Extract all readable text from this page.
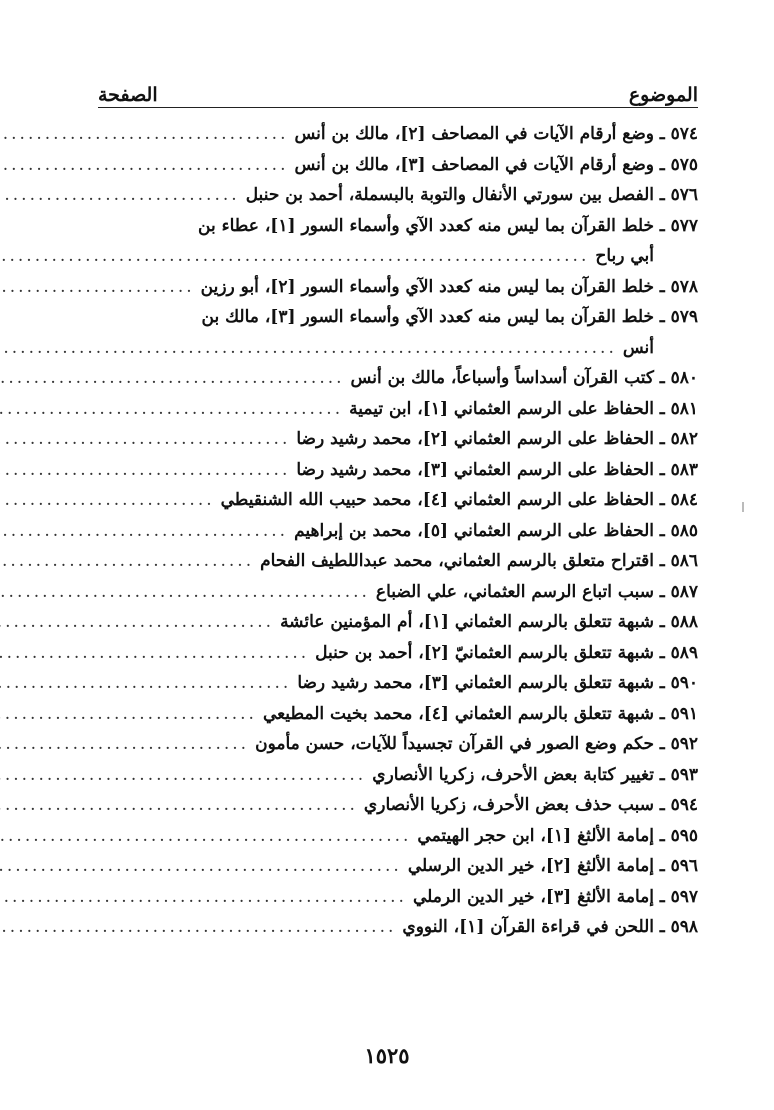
الموضوع
الصفحة
٥٧٤ ـ
وضع أرقام الآيات في المصاحف [٢]، مالك بن أنس
.....
٥٧٥ ـ
وضع أرقام الآيات في المصاحف [٣]، مالك بن أنس
.....
٥٧٦ ـ
الفصل بين سورتي الأنفال والتوبة بالبسملة، أحمد بن حنبل
.....
٥٧٧ ـ
خلط القرآن بما ليس منه كعدد الآي وأسماء السور [١]، عطاء بن
أبي رباح
.....
٥٧٨ ـ
خلط القرآن بما ليس منه كعدد الآي وأسماء السور [٢]، أبو رزين
.....
٥٧٩ ـ
خلط القرآن بما ليس منه كعدد الآي وأسماء السور [٣]، مالك بن
أنس
.....
٥٨٠ ـ
كتب القرآن أسداساً وأسباعاً، مالك بن أنس
.....
٥٨١ ـ
الحفاظ على الرسم العثماني [١]، ابن تيمية
.....
٥٨٢ ـ
الحفاظ على الرسم العثماني [٢]، محمد رشيد رضا
.....
٥٨٣ ـ
الحفاظ على الرسم العثماني [٣]، محمد رشيد رضا
.....
٥٨٤ ـ
الحفاظ على الرسم العثماني [٤]، محمد حبيب الله الشنقيطي
.....
٥٨٥ ـ
الحفاظ على الرسم العثماني [٥]، محمد بن إبراهيم
.....
٥٨٦ ـ
اقتراح متعلق بالرسم العثماني، محمد عبداللطيف الفحام
.....
٥٨٧ ـ
سبب اتباع الرسم العثماني، علي الضباع
.....
٥٨٨ ـ
شبهة تتعلق بالرسم العثماني [١]، أم المؤمنين عائشة
.....
٥٨٩ ـ
شبهة تتعلق بالرسم العثمانيّ [٢]، أحمد بن حنبل
.....
٥٩٠ ـ
شبهة تتعلق بالرسم العثماني [٣]، محمد رشيد رضا
.....
٥٩١ ـ
شبهة تتعلق بالرسم العثماني [٤]، محمد بخيت المطيعي
.....
٥٩٢ ـ
حكم وضع الصور في القرآن تجسيداً للآيات، حسن مأمون
.....
٥٩٣ ـ
تغيير كتابة بعض الأحرف، زكريا الأنصاري
.....
٥٩٤ ـ
سبب حذف بعض الأحرف، زكريا الأنصاري
.....
٥٩٥ ـ
إمامة الألثغ [١]، ابن حجر الهيتمي
.....
٥٩٦ ـ
إمامة الألثغ [٢]، خير الدين الرسلي
.....
٥٩٧ ـ
إمامة الألثغ [٣]، خير الدين الرملي
.....
٥٩٨ ـ
اللحن في قراءة القرآن [١]، النووي
.....
١٥٢٥
